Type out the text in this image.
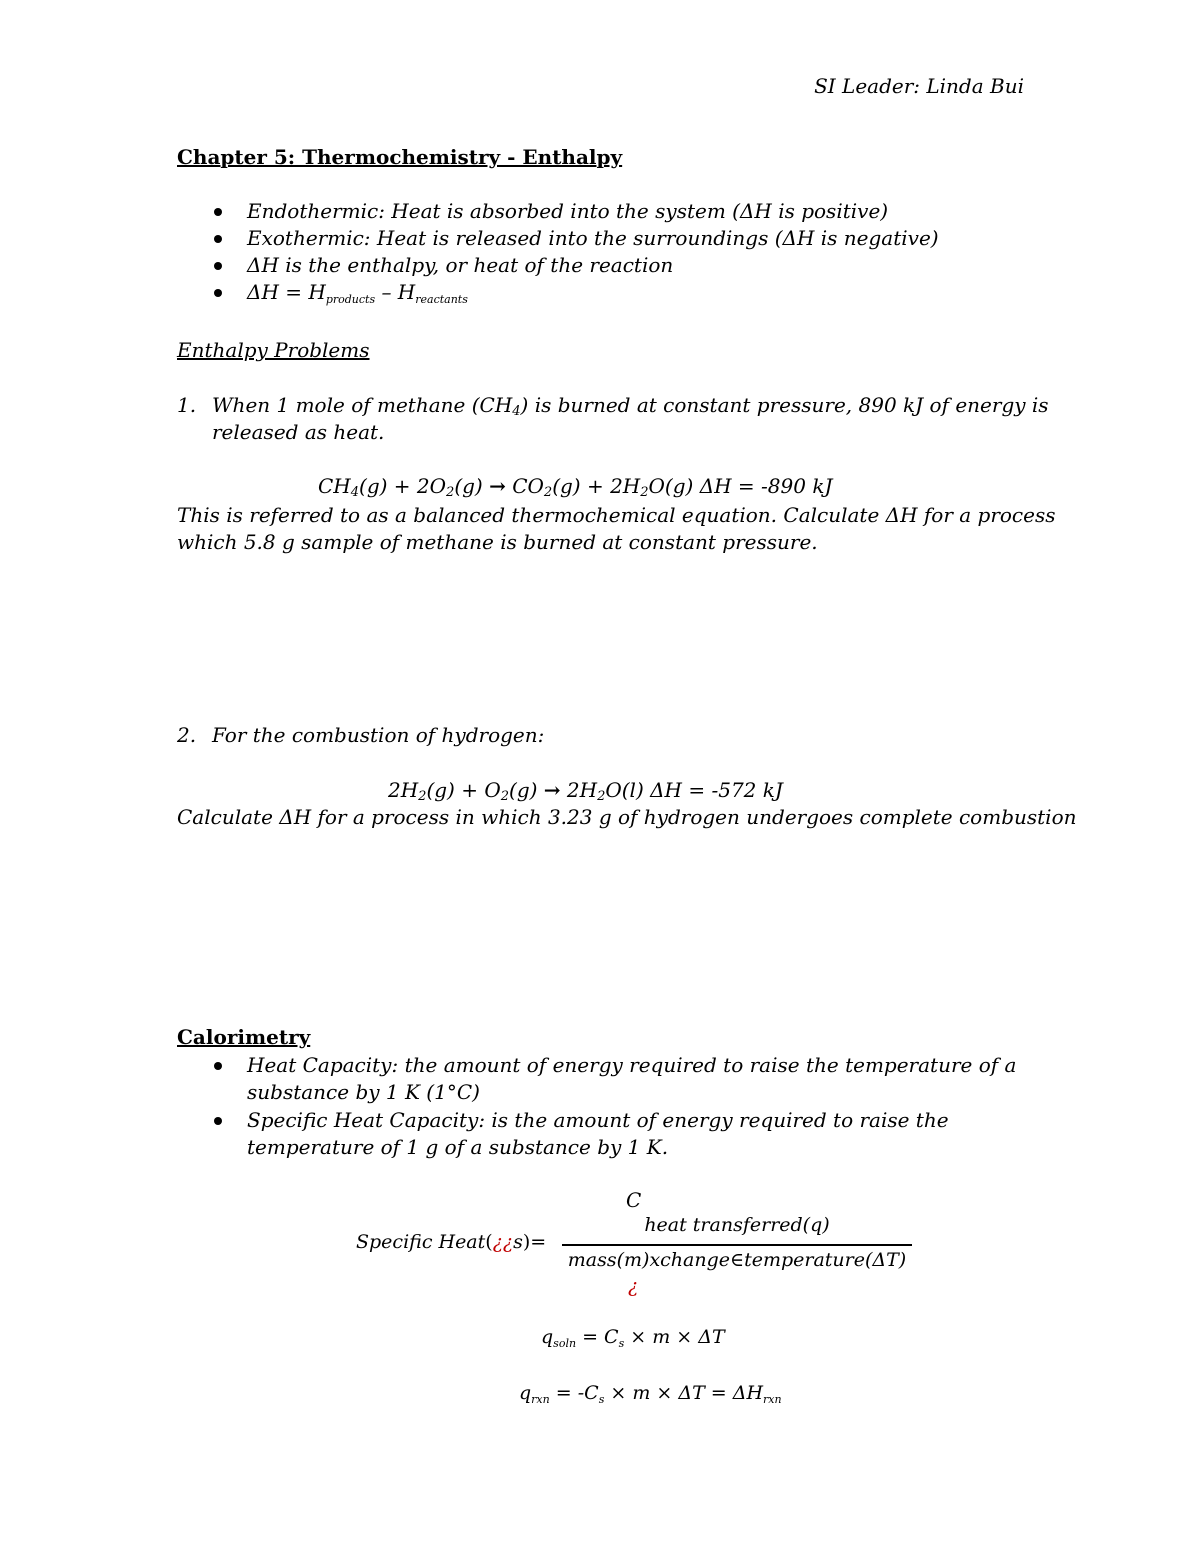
SI Leader: Linda Bui
Chapter 5: Thermochemistry - Enthalpy
Endothermic: Heat is absorbed into the system (ΔH is positive)
Exothermic: Heat is released into the surroundings (ΔH is negative)
ΔH is the enthalpy, or heat of the reaction
$\Delta H = H_{products} - H_{reactants}$
Enthalpy Problems
1. When 1 mole of methane $(CH_4)$ is burned at constant pressure, 890 kJ of energy is
released as heat.
$CH_4(g) + 2O_2(g) \to CO_2(g) + 2H_2O(g) \Delta H = -890$ kJ
This is referred to as a balanced thermochemical equation. Calculate ΔH for a process
which 5.8 g sample of methane is burned at constant pressure.
2. For the combustion of hydrogen:
$2H_2(g) + O_2(g) \to 2H_2O(l) \Delta H = -572$ kJ
Calculate ΔH for a process in which 3.23 g of hydrogen undergoes complete combustion
Calorimetry
Heat Capacity: the amount of energy required to raise the temperature of a
substance by 1 K (1°C)
Specific Heat Capacity: is the amount of energy required to raise the
temperature of 1 g of a substance by 1 K.
C
Specific Heat(¿¿s)=
heat transferred(q)
mass(m)xchange∈temperature(ΔT)
¿
$q_{soln} = C_s \times m \times \Delta T$
$q_{rxn} = -C_s \times m \times \Delta T = \Delta H_{rxn}$
